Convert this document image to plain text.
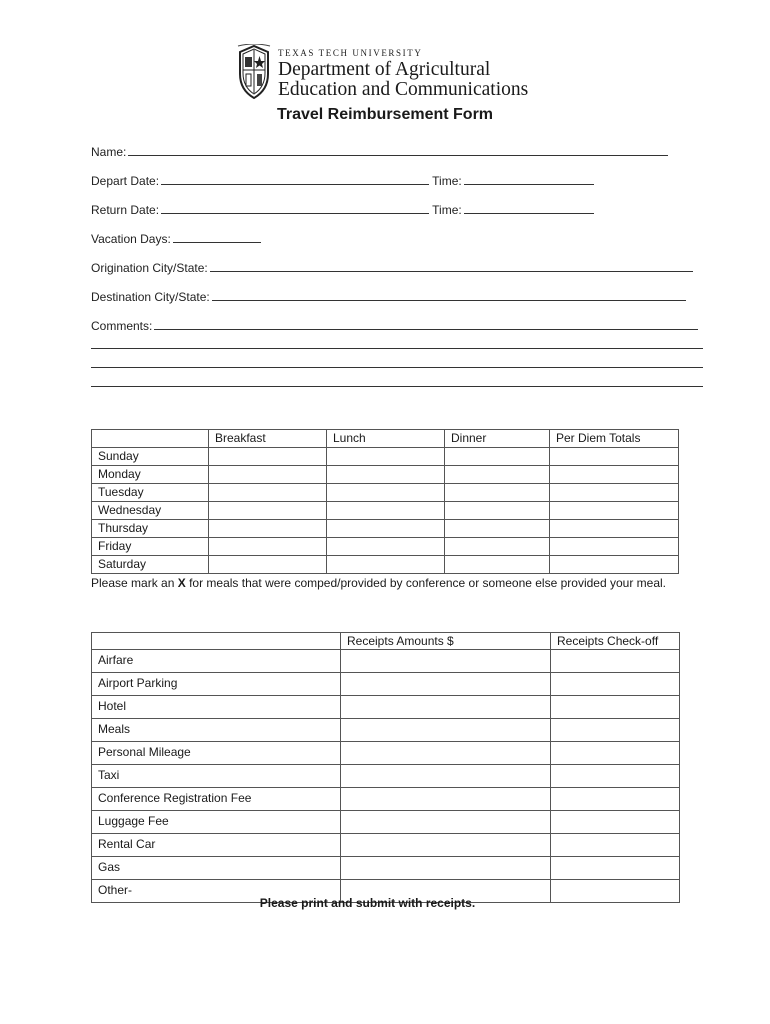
TEXAS TECH UNIVERSITY
Department of Agricultural
Education and Communications
Travel Reimbursement Form
Name:
Depart Date:	Time:
Return Date:	Time:
Vacation Days:
Origination City/State:
Destination City/State:
Comments:
	Breakfast	Lunch	Dinner	Per Diem Totals
Sunday				
Monday				
Tuesday				
Wednesday				
Thursday				
Friday				
Saturday				
Please mark an X for meals that were comped/provided by conference or someone else provided your meal.
	Receipts Amounts $	Receipts Check-off
Airfare		
Airport Parking		
Hotel		
Meals		
Personal Mileage		
Taxi		
Conference Registration Fee		
Luggage Fee		
Rental Car		
Gas		
Other-		
Please print and submit with receipts.
